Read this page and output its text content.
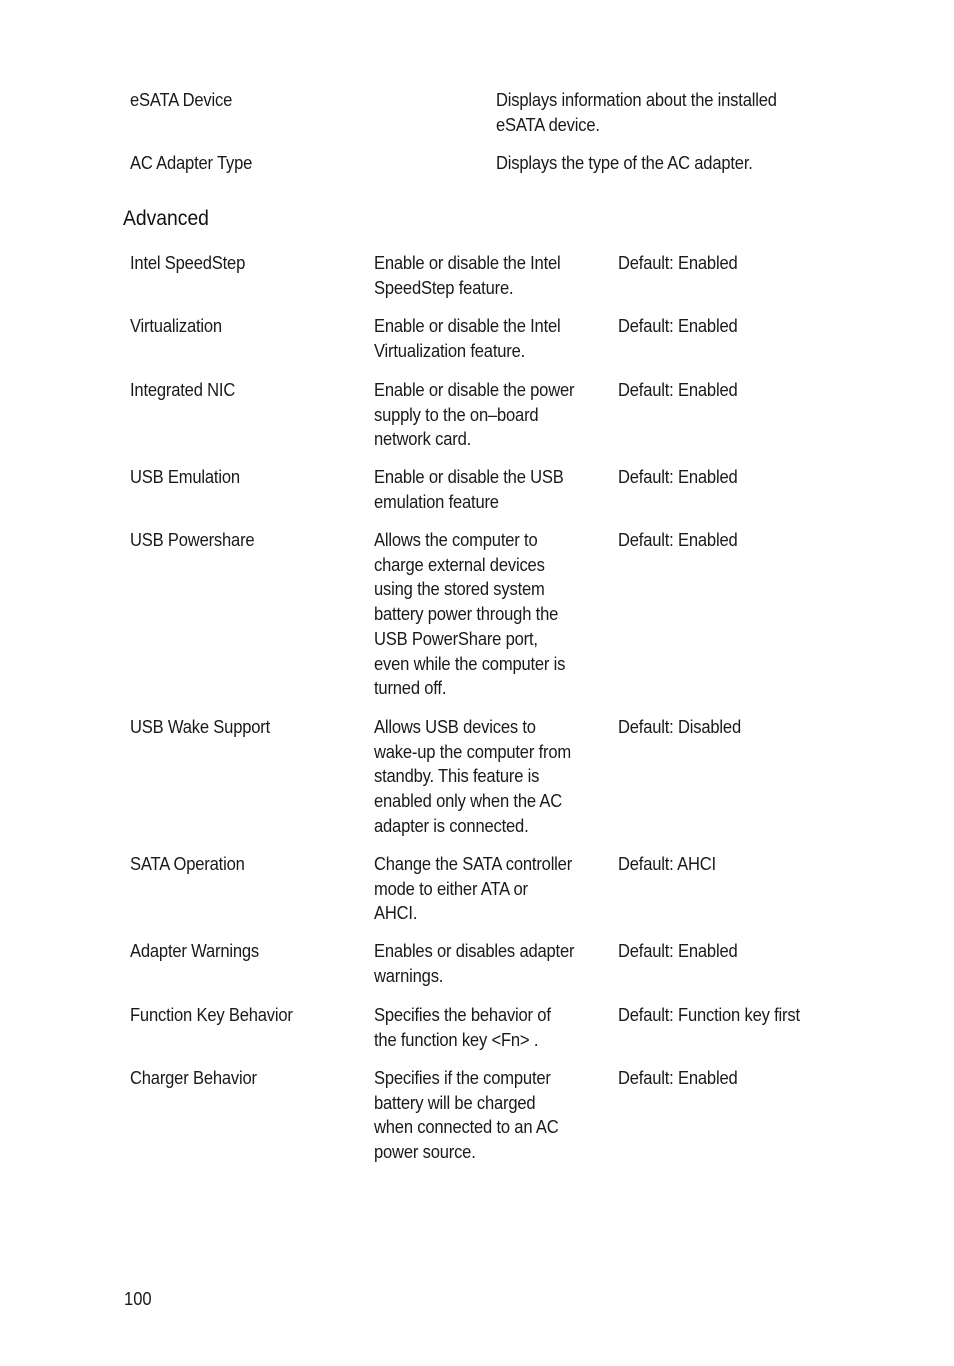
eSATA Device	Displays information about the installed
eSATA device.
AC Adapter Type	Displays the type of the AC adapter.
Advanced
Intel SpeedStep	Enable or disable the Intel
SpeedStep feature.
Default: Enabled
Virtualization	Enable or disable the Intel
Virtualization feature.
Default: Enabled
Integrated NIC	Enable or disable the power
supply to the on–board
network card.
Default: Enabled
USB Emulation	Enable or disable the USB
emulation feature
Default: Enabled
USB Powershare	Allows the computer to
charge external devices
using the stored system
battery power through the
USB PowerShare port,
even while the computer is
turned off.
Default: Enabled
USB Wake Support	Allows USB devices to
wake-up the computer from
standby. This feature is
enabled only when the AC
adapter is connected.
Default: Disabled
SATA Operation	Change the SATA controller
mode to either ATA or
AHCI.
Default: AHCI
Adapter Warnings	Enables or disables adapter
warnings.
Default: Enabled
Function Key Behavior	Specifies the behavior of
the function key <Fn> .
Default: Function key first
Charger Behavior	Specifies if the computer
battery will be charged
when connected to an AC
power source.
Default: Enabled
100
